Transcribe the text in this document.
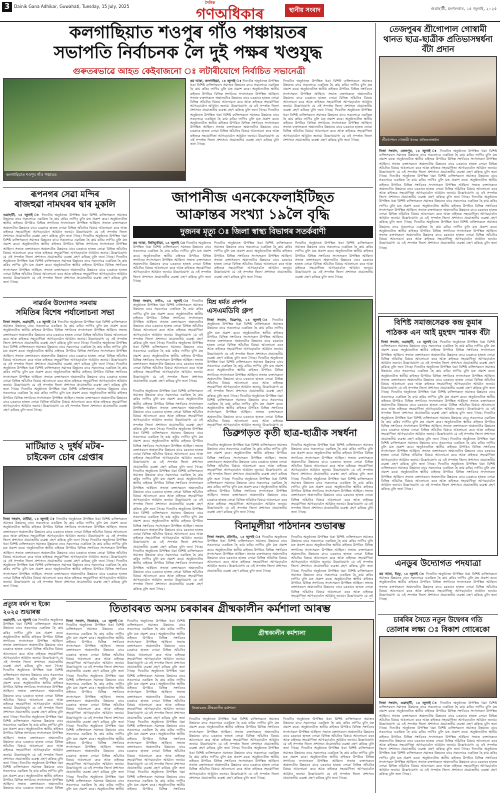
3	Dainik Gana Adhikar, Guwahati, Tuesday, 15 July, 2025
দৈনিক
গণঅধিকাৰ	স্থানীয় সংবাদ	গুৱাহাটী, মংগলবাৰ, ১৫ জুলাই, ২০২৫
কলগাছিয়াত শওপুৰ গাঁও পঞ্চায়তৰ
সভাপতি নিৰ্বাচনক লৈ দুই পক্ষৰ খণ্ডযুদ্ধ
গুৰুতৰভাৱে আহত কেইবাজনো ঃ লটাৰীযোগে নিৰ্বাচিত সভানেত্ৰী
কলগাছিয়াত শওপুৰ গাঁও পঞ্চায়ত
কম আৰা, কলগাছিয়া, ১৪ জুলাই ঃ দিনটোৰ অনুষ্ঠানত উপস্থিত থকা বিশিষ্ট ব্যক্তিসকলে সমাজৰ উন্নয়নৰ বাবে সকলোৱে একত্ৰিত হৈ কাম কৰিব লাগিব বুলি মত প্ৰকাশ কৰে। অনুষ্ঠানটোত স্থানীয় ৰাইজৰ উপৰিও বিভিন্ন সংগঠনৰ সদস্যসকল উপস্থিত আছিল। সভাত বক্তাসকলে অঞ্চলটোৰ উন্নয়নৰ বাবে চৰকাৰে হাতত লোৱা বিভিন্ন আঁচনিৰ বিষয়ে আলোচনা কৰে আৰু ৰাইজক সহযোগিতা আগবঢ়াবলৈ আহ্বান জনায়। উল্লেখযোগ্য যে এই সন্দৰ্ভত জিলা প্ৰশাসনে প্ৰয়োজনীয় ব্যৱস্থা গ্ৰহণ কৰিছে বুলি জনা গৈছে। দিনটোৰ অনুষ্ঠানত উপস্থিত থকা বিশিষ্ট ব্যক্তিসকলে সমাজৰ উন্নয়নৰ বাবে সকলোৱে একত্ৰিত হৈ কাম কৰিব লাগিব বুলি মত প্ৰকাশ কৰে। অনুষ্ঠানটোত স্থানীয় ৰাইজৰ উপৰিও বিভিন্ন সংগঠনৰ সদস্যসকল উপস্থিত আছিল। সভাত বক্তাসকলে অঞ্চলটোৰ উন্নয়নৰ বাবে চৰকাৰে হাতত লোৱা বিভিন্ন আঁচনিৰ বিষয়ে আলোচনা কৰে আৰু ৰাইজক সহযোগিতা আগবঢ়াবলৈ আহ্বান জনায়। উল্লেখযোগ্য যে এই সন্দৰ্ভত জিলা প্ৰশাসনে প্ৰয়োজনীয় ব্যৱস্থা গ্ৰহণ কৰিছে বুলি জনা গৈছে।
দিনটোৰ অনুষ্ঠানত উপস্থিত থকা বিশিষ্ট ব্যক্তিসকলে সমাজৰ উন্নয়নৰ বাবে সকলোৱে একত্ৰিত হৈ কাম কৰিব লাগিব বুলি মত প্ৰকাশ কৰে। অনুষ্ঠানটোত স্থানীয় ৰাইজৰ উপৰিও বিভিন্ন সংগঠনৰ সদস্যসকল উপস্থিত আছিল। সভাত বক্তাসকলে অঞ্চলটোৰ উন্নয়নৰ বাবে চৰকাৰে হাতত লোৱা বিভিন্ন আঁচনিৰ বিষয়ে আলোচনা কৰে আৰু ৰাইজক সহযোগিতা আগবঢ়াবলৈ আহ্বান জনায়। উল্লেখযোগ্য যে এই সন্দৰ্ভত জিলা প্ৰশাসনে প্ৰয়োজনীয় ব্যৱস্থা গ্ৰহণ কৰিছে বুলি জনা গৈছে। দিনটোৰ অনুষ্ঠানত উপস্থিত থকা বিশিষ্ট ব্যক্তিসকলে সমাজৰ উন্নয়নৰ বাবে সকলোৱে একত্ৰিত হৈ কাম কৰিব লাগিব বুলি মত প্ৰকাশ কৰে। অনুষ্ঠানটোত স্থানীয় ৰাইজৰ উপৰিও বিভিন্ন সংগঠনৰ সদস্যসকল উপস্থিত আছিল। সভাত বক্তাসকলে অঞ্চলটোৰ উন্নয়নৰ বাবে চৰকাৰে হাতত লোৱা বিভিন্ন আঁচনিৰ বিষয়ে আলোচনা কৰে আৰু ৰাইজক সহযোগিতা আগবঢ়াবলৈ আহ্বান জনায়। উল্লেখযোগ্য যে এই সন্দৰ্ভত জিলা প্ৰশাসনে প্ৰয়োজনীয় ব্যৱস্থা গ্ৰহণ কৰিছে বুলি জনা গৈছে।
তেজপুৰৰ শ্ৰীগোপাল গোস্বামী থানত ছাত্ৰ-ছাত্ৰীক প্ৰতিভাসম্বৰ্ধনা বঁটা প্ৰদান
শ্ৰীগোপাল গোস্বামী থানত প্ৰতিভাসম্বৰ্ধনা
নিজা সংবাদ, তেজপুৰ, ১৪ জুলাই ঃ দিনটোৰ অনুষ্ঠানত উপস্থিত থকা বিশিষ্ট ব্যক্তিসকলে সমাজৰ উন্নয়নৰ বাবে সকলোৱে একত্ৰিত হৈ কাম কৰিব লাগিব বুলি মত প্ৰকাশ কৰে। অনুষ্ঠানটোত স্থানীয় ৰাইজৰ উপৰিও বিভিন্ন সংগঠনৰ সদস্যসকল উপস্থিত আছিল। সভাত বক্তাসকলে অঞ্চলটোৰ উন্নয়নৰ বাবে চৰকাৰে হাতত লোৱা বিভিন্ন আঁচনিৰ বিষয়ে আলোচনা কৰে আৰু ৰাইজক সহযোগিতা আগবঢ়াবলৈ আহ্বান জনায়। উল্লেখযোগ্য যে এই সন্দৰ্ভত জিলা প্ৰশাসনে প্ৰয়োজনীয় ব্যৱস্থা গ্ৰহণ কৰিছে বুলি জনা গৈছে। দিনটোৰ অনুষ্ঠানত উপস্থিত থকা বিশিষ্ট ব্যক্তিসকলে সমাজৰ উন্নয়নৰ বাবে সকলোৱে একত্ৰিত হৈ কাম কৰিব লাগিব বুলি মত প্ৰকাশ কৰে। অনুষ্ঠানটোত স্থানীয় ৰাইজৰ উপৰিও বিভিন্ন সংগঠনৰ সদস্যসকল উপস্থিত আছিল। সভাত বক্তাসকলে অঞ্চলটোৰ উন্নয়নৰ বাবে চৰকাৰে হাতত লোৱা বিভিন্ন আঁচনিৰ বিষয়ে আলোচনা কৰে আৰু ৰাইজক সহযোগিতা আগবঢ়াবলৈ আহ্বান জনায়। উল্লেখযোগ্য যে এই সন্দৰ্ভত জিলা প্ৰশাসনে প্ৰয়োজনীয় ব্যৱস্থা গ্ৰহণ কৰিছে বুলি জনা গৈছে। দিনটোৰ অনুষ্ঠানত উপস্থিত থকা বিশিষ্ট ব্যক্তিসকলে সমাজৰ উন্নয়নৰ বাবে সকলোৱে একত্ৰিত হৈ কাম কৰিব লাগিব বুলি মত প্ৰকাশ কৰে। অনুষ্ঠানটোত স্থানীয় ৰাইজৰ উপৰিও বিভিন্ন সংগঠনৰ সদস্যসকল উপস্থিত আছিল। সভাত বক্তাসকলে অঞ্চলটোৰ উন্নয়নৰ বাবে চৰকাৰে হাতত লোৱা বিভিন্ন আঁচনিৰ বিষয়ে আলোচনা কৰে আৰু ৰাইজক সহযোগিতা আগবঢ়াবলৈ আহ্বান জনায়। উল্লেখযোগ্য যে এই সন্দৰ্ভত জিলা প্ৰশাসনে প্ৰয়োজনীয় ব্যৱস্থা গ্ৰহণ কৰিছে বুলি জনা গৈছে। দিনটোৰ অনুষ্ঠানত উপস্থিত থকা বিশিষ্ট ব্যক্তিসকলে সমাজৰ উন্নয়নৰ বাবে সকলোৱে একত্ৰিত হৈ কাম কৰিব লাগিব বুলি মত প্ৰকাশ কৰে। অনুষ্ঠানটোত স্থানীয় ৰাইজৰ উপৰিও বিভিন্ন সংগঠনৰ সদস্যসকল উপস্থিত আছিল। সভাত বক্তাসকলে অঞ্চলটোৰ উন্নয়নৰ বাবে চৰকাৰে হাতত লোৱা বিভিন্ন আঁচনিৰ বিষয়ে আলোচনা কৰে আৰু ৰাইজক সহযোগিতা আগবঢ়াবলৈ আহ্বান জনায়। উল্লেখযোগ্য যে এই সন্দৰ্ভত জিলা প্ৰশাসনে প্ৰয়োজনীয় ব্যৱস্থা গ্ৰহণ কৰিছে বুলি জনা গৈছে।
ৰূপনগৰ সেৱা মন্দিৰ
ৰাজহুৱা নামঘৰৰ দ্বাৰ মুকলি
গুৱাহাটী, ১৪ জুলাই ঃ দিনটোৰ অনুষ্ঠানত উপস্থিত থকা বিশিষ্ট ব্যক্তিসকলে সমাজৰ উন্নয়নৰ বাবে সকলোৱে একত্ৰিত হৈ কাম কৰিব লাগিব বুলি মত প্ৰকাশ কৰে। অনুষ্ঠানটোত স্থানীয় ৰাইজৰ উপৰিও বিভিন্ন সংগঠনৰ সদস্যসকল উপস্থিত আছিল। সভাত বক্তাসকলে অঞ্চলটোৰ উন্নয়নৰ বাবে চৰকাৰে হাতত লোৱা বিভিন্ন আঁচনিৰ বিষয়ে আলোচনা কৰে আৰু ৰাইজক সহযোগিতা আগবঢ়াবলৈ আহ্বান জনায়। উল্লেখযোগ্য যে এই সন্দৰ্ভত জিলা প্ৰশাসনে প্ৰয়োজনীয় ব্যৱস্থা গ্ৰহণ কৰিছে বুলি জনা গৈছে। দিনটোৰ অনুষ্ঠানত উপস্থিত থকা বিশিষ্ট ব্যক্তিসকলে সমাজৰ উন্নয়নৰ বাবে সকলোৱে একত্ৰিত হৈ কাম কৰিব লাগিব বুলি মত প্ৰকাশ কৰে। অনুষ্ঠানটোত স্থানীয় ৰাইজৰ উপৰিও বিভিন্ন সংগঠনৰ সদস্যসকল উপস্থিত আছিল। সভাত বক্তাসকলে অঞ্চলটোৰ উন্নয়নৰ বাবে চৰকাৰে হাতত লোৱা বিভিন্ন আঁচনিৰ বিষয়ে আলোচনা কৰে আৰু ৰাইজক সহযোগিতা আগবঢ়াবলৈ আহ্বান জনায়। উল্লেখযোগ্য যে এই সন্দৰ্ভত জিলা প্ৰশাসনে প্ৰয়োজনীয় ব্যৱস্থা গ্ৰহণ কৰিছে বুলি জনা গৈছে। দিনটোৰ অনুষ্ঠানত উপস্থিত থকা বিশিষ্ট ব্যক্তিসকলে সমাজৰ উন্নয়নৰ বাবে সকলোৱে একত্ৰিত হৈ কাম কৰিব লাগিব বুলি মত প্ৰকাশ কৰে। অনুষ্ঠানটোত স্থানীয় ৰাইজৰ উপৰিও বিভিন্ন সংগঠনৰ সদস্যসকল উপস্থিত আছিল। সভাত বক্তাসকলে অঞ্চলটোৰ উন্নয়নৰ বাবে চৰকাৰে হাতত লোৱা বিভিন্ন আঁচনিৰ বিষয়ে আলোচনা কৰে আৰু ৰাইজক সহযোগিতা আগবঢ়াবলৈ আহ্বান জনায়। উল্লেখযোগ্য যে এই সন্দৰ্ভত জিলা প্ৰশাসনে প্ৰয়োজনীয় ব্যৱস্থা গ্ৰহণ কৰিছে বুলি জনা গৈছে।
নাৱৰ্ডৰ উদ্যোগত সমবায়
সমিতিৰ বিশেষ পৰ্যালোচনা সভা
নিজা সংবাদ, গুৱাহাটী, ১৪ জুলাই ঃ দিনটোৰ অনুষ্ঠানত উপস্থিত থকা বিশিষ্ট ব্যক্তিসকলে সমাজৰ উন্নয়নৰ বাবে সকলোৱে একত্ৰিত হৈ কাম কৰিব লাগিব বুলি মত প্ৰকাশ কৰে। অনুষ্ঠানটোত স্থানীয় ৰাইজৰ উপৰিও বিভিন্ন সংগঠনৰ সদস্যসকল উপস্থিত আছিল। সভাত বক্তাসকলে অঞ্চলটোৰ উন্নয়নৰ বাবে চৰকাৰে হাতত লোৱা বিভিন্ন আঁচনিৰ বিষয়ে আলোচনা কৰে আৰু ৰাইজক সহযোগিতা আগবঢ়াবলৈ আহ্বান জনায়। উল্লেখযোগ্য যে এই সন্দৰ্ভত জিলা প্ৰশাসনে প্ৰয়োজনীয় ব্যৱস্থা গ্ৰহণ কৰিছে বুলি জনা গৈছে। দিনটোৰ অনুষ্ঠানত উপস্থিত থকা বিশিষ্ট ব্যক্তিসকলে সমাজৰ উন্নয়নৰ বাবে সকলোৱে একত্ৰিত হৈ কাম কৰিব লাগিব বুলি মত প্ৰকাশ কৰে। অনুষ্ঠানটোত স্থানীয় ৰাইজৰ উপৰিও বিভিন্ন সংগঠনৰ সদস্যসকল উপস্থিত আছিল। সভাত বক্তাসকলে অঞ্চলটোৰ উন্নয়নৰ বাবে চৰকাৰে হাতত লোৱা বিভিন্ন আঁচনিৰ বিষয়ে আলোচনা কৰে আৰু ৰাইজক সহযোগিতা আগবঢ়াবলৈ আহ্বান জনায়। উল্লেখযোগ্য যে এই সন্দৰ্ভত জিলা প্ৰশাসনে প্ৰয়োজনীয় ব্যৱস্থা গ্ৰহণ কৰিছে বুলি জনা গৈছে। দিনটোৰ অনুষ্ঠানত উপস্থিত থকা বিশিষ্ট ব্যক্তিসকলে সমাজৰ উন্নয়নৰ বাবে সকলোৱে একত্ৰিত হৈ কাম কৰিব লাগিব বুলি মত প্ৰকাশ কৰে। অনুষ্ঠানটোত স্থানীয় ৰাইজৰ উপৰিও বিভিন্ন সংগঠনৰ সদস্যসকল উপস্থিত আছিল। সভাত বক্তাসকলে অঞ্চলটোৰ উন্নয়নৰ বাবে চৰকাৰে হাতত লোৱা বিভিন্ন আঁচনিৰ বিষয়ে আলোচনা কৰে আৰু ৰাইজক সহযোগিতা আগবঢ়াবলৈ আহ্বান জনায়। উল্লেখযোগ্য যে এই সন্দৰ্ভত জিলা প্ৰশাসনে প্ৰয়োজনীয় ব্যৱস্থা গ্ৰহণ কৰিছে বুলি জনা গৈছে। দিনটোৰ অনুষ্ঠানত উপস্থিত থকা বিশিষ্ট ব্যক্তিসকলে সমাজৰ উন্নয়নৰ বাবে সকলোৱে একত্ৰিত হৈ কাম কৰিব লাগিব বুলি মত প্ৰকাশ কৰে। অনুষ্ঠানটোত স্থানীয় ৰাইজৰ উপৰিও বিভিন্ন সংগঠনৰ সদস্যসকল উপস্থিত আছিল। সভাত বক্তাসকলে অঞ্চলটোৰ উন্নয়নৰ বাবে চৰকাৰে হাতত লোৱা বিভিন্ন আঁচনিৰ বিষয়ে আলোচনা কৰে আৰু ৰাইজক সহযোগিতা আগবঢ়াবলৈ আহ্বান জনায়। উল্লেখযোগ্য যে এই সন্দৰ্ভত জিলা প্ৰশাসনে প্ৰয়োজনীয় ব্যৱস্থা গ্ৰহণ কৰিছে বুলি জনা গৈছে।
মাটিয়াত ২ দুৰ্ধৰ্ষ মটৰ-
চাইকেল চোৰ গ্ৰেপ্তাৰ
নিজা সংবাদ, মাটিয়া, ১৪ জুলাই ঃ দিনটোৰ অনুষ্ঠানত উপস্থিত থকা বিশিষ্ট ব্যক্তিসকলে সমাজৰ উন্নয়নৰ বাবে সকলোৱে একত্ৰিত হৈ কাম কৰিব লাগিব বুলি মত প্ৰকাশ কৰে। অনুষ্ঠানটোত স্থানীয় ৰাইজৰ উপৰিও বিভিন্ন সংগঠনৰ সদস্যসকল উপস্থিত আছিল। সভাত বক্তাসকলে অঞ্চলটোৰ উন্নয়নৰ বাবে চৰকাৰে হাতত লোৱা বিভিন্ন আঁচনিৰ বিষয়ে আলোচনা কৰে আৰু ৰাইজক সহযোগিতা আগবঢ়াবলৈ আহ্বান জনায়। উল্লেখযোগ্য যে এই সন্দৰ্ভত জিলা প্ৰশাসনে প্ৰয়োজনীয় ব্যৱস্থা গ্ৰহণ কৰিছে বুলি জনা গৈছে। দিনটোৰ অনুষ্ঠানত উপস্থিত থকা বিশিষ্ট ব্যক্তিসকলে সমাজৰ উন্নয়নৰ বাবে সকলোৱে একত্ৰিত হৈ কাম কৰিব লাগিব বুলি মত প্ৰকাশ কৰে। অনুষ্ঠানটোত স্থানীয় ৰাইজৰ উপৰিও বিভিন্ন সংগঠনৰ সদস্যসকল উপস্থিত আছিল। সভাত বক্তাসকলে অঞ্চলটোৰ উন্নয়নৰ বাবে চৰকাৰে হাতত লোৱা বিভিন্ন আঁচনিৰ বিষয়ে আলোচনা কৰে আৰু ৰাইজক সহযোগিতা আগবঢ়াবলৈ আহ্বান জনায়। উল্লেখযোগ্য যে এই সন্দৰ্ভত জিলা প্ৰশাসনে প্ৰয়োজনীয় ব্যৱস্থা গ্ৰহণ কৰিছে বুলি জনা গৈছে। দিনটোৰ অনুষ্ঠানত উপস্থিত থকা বিশিষ্ট ব্যক্তিসকলে সমাজৰ উন্নয়নৰ বাবে সকলোৱে একত্ৰিত হৈ কাম কৰিব লাগিব বুলি মত প্ৰকাশ কৰে। অনুষ্ঠানটোত স্থানীয় ৰাইজৰ উপৰিও বিভিন্ন সংগঠনৰ সদস্যসকল উপস্থিত আছিল। সভাত বক্তাসকলে অঞ্চলটোৰ উন্নয়নৰ বাবে চৰকাৰে হাতত লোৱা বিভিন্ন আঁচনিৰ বিষয়ে আলোচনা কৰে আৰু ৰাইজক সহযোগিতা আগবঢ়াবলৈ আহ্বান জনায়। উল্লেখযোগ্য যে এই সন্দৰ্ভত জিলা প্ৰশাসনে প্ৰয়োজনীয় ব্যৱস্থা গ্ৰহণ কৰিছে বুলি জনা গৈছে।
প্ৰত্যুষ বৰ্ধন দ্য ইকো
২০২৫ শুভাৰম্ভ
গুৱাহাটী, ১৪ জুলাই ঃ দিনটোৰ অনুষ্ঠানত উপস্থিত থকা বিশিষ্ট ব্যক্তিসকলে সমাজৰ উন্নয়নৰ বাবে সকলোৱে একত্ৰিত হৈ কাম কৰিব লাগিব বুলি মত প্ৰকাশ কৰে। অনুষ্ঠানটোত স্থানীয় ৰাইজৰ উপৰিও বিভিন্ন সংগঠনৰ সদস্যসকল উপস্থিত আছিল। সভাত বক্তাসকলে অঞ্চলটোৰ উন্নয়নৰ বাবে চৰকাৰে হাতত লোৱা বিভিন্ন আঁচনিৰ বিষয়ে আলোচনা কৰে আৰু ৰাইজক সহযোগিতা আগবঢ়াবলৈ আহ্বান জনায়। উল্লেখযোগ্য যে এই সন্দৰ্ভত জিলা প্ৰশাসনে প্ৰয়োজনীয় ব্যৱস্থা গ্ৰহণ কৰিছে বুলি জনা গৈছে। দিনটোৰ অনুষ্ঠানত উপস্থিত থকা বিশিষ্ট ব্যক্তিসকলে সমাজৰ উন্নয়নৰ বাবে সকলোৱে একত্ৰিত হৈ কাম কৰিব লাগিব বুলি মত প্ৰকাশ কৰে। অনুষ্ঠানটোত স্থানীয় ৰাইজৰ উপৰিও বিভিন্ন সংগঠনৰ সদস্যসকল উপস্থিত আছিল। সভাত বক্তাসকলে অঞ্চলটোৰ উন্নয়নৰ বাবে চৰকাৰে হাতত লোৱা বিভিন্ন আঁচনিৰ বিষয়ে আলোচনা কৰে আৰু ৰাইজক সহযোগিতা আগবঢ়াবলৈ আহ্বান জনায়। উল্লেখযোগ্য যে এই সন্দৰ্ভত জিলা প্ৰশাসনে প্ৰয়োজনীয় ব্যৱস্থা গ্ৰহণ কৰিছে বুলি জনা গৈছে। দিনটোৰ অনুষ্ঠানত উপস্থিত থকা বিশিষ্ট ব্যক্তিসকলে সমাজৰ উন্নয়নৰ বাবে সকলোৱে একত্ৰিত হৈ কাম কৰিব লাগিব বুলি মত প্ৰকাশ কৰে। অনুষ্ঠানটোত স্থানীয় ৰাইজৰ উপৰিও বিভিন্ন সংগঠনৰ সদস্যসকল উপস্থিত আছিল। সভাত বক্তাসকলে অঞ্চলটোৰ উন্নয়নৰ বাবে চৰকাৰে হাতত লোৱা বিভিন্ন আঁচনিৰ বিষয়ে আলোচনা কৰে আৰু ৰাইজক সহযোগিতা আগবঢ়াবলৈ আহ্বান জনায়। উল্লেখযোগ্য যে এই সন্দৰ্ভত জিলা প্ৰশাসনে প্ৰয়োজনীয় ব্যৱস্থা গ্ৰহণ কৰিছে বুলি জনা গৈছে। দিনটোৰ অনুষ্ঠানত উপস্থিত থকা বিশিষ্ট ব্যক্তিসকলে সমাজৰ উন্নয়নৰ বাবে সকলোৱে একত্ৰিত হৈ কাম কৰিব লাগিব বুলি মত প্ৰকাশ কৰে। অনুষ্ঠানটোত স্থানীয় ৰাইজৰ উপৰিও বিভিন্ন সংগঠনৰ সদস্যসকল উপস্থিত আছিল। সভাত বক্তাসকলে অঞ্চলটোৰ উন্নয়নৰ বাবে চৰকাৰে হাতত লোৱা বিভিন্ন
জাপানীজ এনকেফেলাইটিছত
আক্ৰান্তৰ সংখ্যা ১৯লৈ বৃদ্ধি
দুজনৰ মৃত্যু ঃ জিলা স্বাস্থ্য বিভাগৰ সতৰ্কবাণী
কম আৰা, তিনিচুকীয়া, ১৪ জুলাই ঃ দিনটোৰ অনুষ্ঠানত উপস্থিত থকা বিশিষ্ট ব্যক্তিসকলে সমাজৰ উন্নয়নৰ বাবে সকলোৱে একত্ৰিত হৈ কাম কৰিব লাগিব বুলি মত প্ৰকাশ কৰে। অনুষ্ঠানটোত স্থানীয় ৰাইজৰ উপৰিও বিভিন্ন সংগঠনৰ সদস্যসকল উপস্থিত আছিল। সভাত বক্তাসকলে অঞ্চলটোৰ উন্নয়নৰ বাবে চৰকাৰে হাতত লোৱা বিভিন্ন আঁচনিৰ বিষয়ে আলোচনা কৰে আৰু ৰাইজক সহযোগিতা আগবঢ়াবলৈ আহ্বান জনায়। উল্লেখযোগ্য যে এই সন্দৰ্ভত জিলা প্ৰশাসনে প্ৰয়োজনীয় ব্যৱস্থা গ্ৰহণ কৰিছে বুলি জনা গৈছে।
দিনটোৰ অনুষ্ঠানত উপস্থিত থকা বিশিষ্ট ব্যক্তিসকলে সমাজৰ উন্নয়নৰ বাবে সকলোৱে একত্ৰিত হৈ কাম কৰিব লাগিব বুলি মত প্ৰকাশ কৰে। অনুষ্ঠানটোত স্থানীয় ৰাইজৰ উপৰিও বিভিন্ন সংগঠনৰ সদস্যসকল উপস্থিত আছিল। সভাত বক্তাসকলে অঞ্চলটোৰ উন্নয়নৰ বাবে চৰকাৰে হাতত লোৱা বিভিন্ন আঁচনিৰ বিষয়ে আলোচনা কৰে আৰু ৰাইজক সহযোগিতা আগবঢ়াবলৈ আহ্বান জনায়। উল্লেখযোগ্য যে এই সন্দৰ্ভত জিলা প্ৰশাসনে প্ৰয়োজনীয় ব্যৱস্থা গ্ৰহণ কৰিছে বুলি জনা গৈছে।
দিনটোৰ অনুষ্ঠানত উপস্থিত থকা বিশিষ্ট ব্যক্তিসকলে সমাজৰ উন্নয়নৰ বাবে সকলোৱে একত্ৰিত হৈ কাম কৰিব লাগিব বুলি মত প্ৰকাশ কৰে। অনুষ্ঠানটোত স্থানীয় ৰাইজৰ উপৰিও বিভিন্ন সংগঠনৰ সদস্যসকল উপস্থিত আছিল। সভাত বক্তাসকলে অঞ্চলটোৰ উন্নয়নৰ বাবে চৰকাৰে হাতত লোৱা বিভিন্ন আঁচনিৰ বিষয়ে আলোচনা কৰে আৰু ৰাইজক সহযোগিতা আগবঢ়াবলৈ আহ্বান জনায়। উল্লেখযোগ্য যে এই সন্দৰ্ভত জিলা প্ৰশাসনে প্ৰয়োজনীয় ব্যৱস্থা গ্ৰহণ কৰিছে বুলি জনা গৈছে।
নিজা সংবাদ, নগাঁও, ১৪ জুলাই ঃ দিনটোৰ অনুষ্ঠানত উপস্থিত থকা বিশিষ্ট ব্যক্তিসকলে সমাজৰ উন্নয়নৰ বাবে সকলোৱে একত্ৰিত হৈ কাম কৰিব লাগিব বুলি মত প্ৰকাশ কৰে। অনুষ্ঠানটোত স্থানীয় ৰাইজৰ উপৰিও বিভিন্ন সংগঠনৰ সদস্যসকল উপস্থিত আছিল। সভাত বক্তাসকলে অঞ্চলটোৰ উন্নয়নৰ বাবে চৰকাৰে হাতত লোৱা বিভিন্ন আঁচনিৰ বিষয়ে আলোচনা কৰে আৰু ৰাইজক সহযোগিতা আগবঢ়াবলৈ আহ্বান জনায়। উল্লেখযোগ্য যে এই সন্দৰ্ভত জিলা প্ৰশাসনে প্ৰয়োজনীয় ব্যৱস্থা গ্ৰহণ কৰিছে বুলি জনা গৈছে। দিনটোৰ অনুষ্ঠানত উপস্থিত থকা বিশিষ্ট ব্যক্তিসকলে সমাজৰ উন্নয়নৰ বাবে সকলোৱে একত্ৰিত হৈ কাম কৰিব লাগিব বুলি মত প্ৰকাশ কৰে। অনুষ্ঠানটোত স্থানীয় ৰাইজৰ উপৰিও বিভিন্ন সংগঠনৰ সদস্যসকল উপস্থিত আছিল। সভাত বক্তাসকলে অঞ্চলটোৰ উন্নয়নৰ বাবে চৰকাৰে হাতত লোৱা বিভিন্ন আঁচনিৰ বিষয়ে আলোচনা কৰে আৰু ৰাইজক সহযোগিতা আগবঢ়াবলৈ আহ্বান জনায়। উল্লেখযোগ্য যে এই সন্দৰ্ভত জিলা প্ৰশাসনে প্ৰয়োজনীয় ব্যৱস্থা গ্ৰহণ কৰিছে বুলি জনা গৈছে।
মিশ্ৰ ধৰ্মত প্ৰদৰ্শন
এসএমডিবি গ্ৰুপ
নিজা সংবাদ, ডিব্ৰুগড়, ১৪ জুলাই ঃ দিনটোৰ অনুষ্ঠানত উপস্থিত থকা বিশিষ্ট ব্যক্তিসকলে সমাজৰ উন্নয়নৰ বাবে সকলোৱে একত্ৰিত হৈ কাম কৰিব লাগিব বুলি মত প্ৰকাশ কৰে। অনুষ্ঠানটোত স্থানীয় ৰাইজৰ উপৰিও বিভিন্ন সংগঠনৰ সদস্যসকল উপস্থিত আছিল। সভাত বক্তাসকলে অঞ্চলটোৰ উন্নয়নৰ বাবে চৰকাৰে হাতত লোৱা বিভিন্ন আঁচনিৰ বিষয়ে আলোচনা কৰে আৰু ৰাইজক সহযোগিতা আগবঢ়াবলৈ আহ্বান জনায়। উল্লেখযোগ্য যে এই সন্দৰ্ভত জিলা প্ৰশাসনে প্ৰয়োজনীয় ব্যৱস্থা গ্ৰহণ কৰিছে বুলি জনা গৈছে। দিনটোৰ অনুষ্ঠানত উপস্থিত থকা বিশিষ্ট ব্যক্তিসকলে সমাজৰ উন্নয়নৰ বাবে সকলোৱে একত্ৰিত হৈ কাম কৰিব লাগিব বুলি মত প্ৰকাশ কৰে। অনুষ্ঠানটোত স্থানীয় ৰাইজৰ উপৰিও বিভিন্ন সংগঠনৰ সদস্যসকল উপস্থিত আছিল। সভাত বক্তাসকলে অঞ্চলটোৰ উন্নয়নৰ বাবে চৰকাৰে হাতত লোৱা বিভিন্ন আঁচনিৰ বিষয়ে আলোচনা কৰে আৰু ৰাইজক সহযোগিতা আগবঢ়াবলৈ আহ্বান জনায়। উল্লেখযোগ্য যে এই সন্দৰ্ভত জিলা প্ৰশাসনে প্ৰয়োজনীয় ব্যৱস্থা গ্ৰহণ কৰিছে বুলি জনা গৈছে। দিনটোৰ অনুষ্ঠানত উপস্থিত থকা বিশিষ্ট ব্যক্তিসকলে সমাজৰ উন্নয়নৰ বাবে সকলোৱে একত্ৰিত হৈ কাম কৰিব লাগিব বুলি মত প্ৰকাশ কৰে। অনুষ্ঠানটোত স্থানীয় ৰাইজৰ উপৰিও বিভিন্ন সংগঠনৰ সদস্যসকল উপস্থিত আছিল। সভাত বক্তাসকলে অঞ্চলটোৰ উন্নয়নৰ বাবে চৰকাৰে হাতত লোৱা বিভিন্ন আঁচনিৰ বিষয়ে আলোচনা কৰে আৰু ৰাইজক সহযোগিতা আগবঢ়াবলৈ আহ্বান জনায়। উল্লেখযোগ্য যে
ডিব্ৰুগড়ত কৃতী ছাত্ৰ-ছাত্ৰীক সম্বৰ্ধনা
দিনটোৰ অনুষ্ঠানত উপস্থিত থকা বিশিষ্ট ব্যক্তিসকলে সমাজৰ উন্নয়নৰ বাবে সকলোৱে একত্ৰিত হৈ কাম কৰিব লাগিব বুলি মত প্ৰকাশ কৰে। অনুষ্ঠানটোত স্থানীয় ৰাইজৰ উপৰিও বিভিন্ন সংগঠনৰ সদস্যসকল উপস্থিত আছিল। সভাত বক্তাসকলে অঞ্চলটোৰ উন্নয়নৰ বাবে চৰকাৰে হাতত লোৱা বিভিন্ন আঁচনিৰ বিষয়ে আলোচনা কৰে আৰু ৰাইজক সহযোগিতা আগবঢ়াবলৈ আহ্বান জনায়। উল্লেখযোগ্য যে এই সন্দৰ্ভত জিলা প্ৰশাসনে প্ৰয়োজনীয় ব্যৱস্থা গ্ৰহণ কৰিছে বুলি জনা গৈছে। দিনটোৰ অনুষ্ঠানত উপস্থিত থকা বিশিষ্ট ব্যক্তিসকলে সমাজৰ উন্নয়নৰ বাবে সকলোৱে একত্ৰিত হৈ কাম কৰিব লাগিব বুলি মত প্ৰকাশ কৰে। অনুষ্ঠানটোত স্থানীয় ৰাইজৰ উপৰিও বিভিন্ন সংগঠনৰ সদস্যসকল উপস্থিত আছিল। সভাত বক্তাসকলে অঞ্চলটোৰ উন্নয়নৰ বাবে চৰকাৰে হাতত লোৱা বিভিন্ন আঁচনিৰ বিষয়ে আলোচনা কৰে আৰু ৰাইজক সহযোগিতা আগবঢ়াবলৈ আহ্বান জনায়। উল্লেখযোগ্য যে এই সন্দৰ্ভত জিলা প্ৰশাসনে প্ৰয়োজনীয় ব্যৱস্থা গ্ৰহণ কৰিছে বুলি জনা গৈছে। দিনটোৰ অনুষ্ঠানত উপস্থিত থকা বিশিষ্ট ব্যক্তিসকলে সমাজৰ উন্নয়নৰ বাবে সকলোৱে একত্ৰিত হৈ কাম কৰিব লাগিব বুলি মত প্ৰকাশ কৰে। অনুষ্ঠানটোত স্থানীয় ৰাইজৰ উপৰিও বিভিন্ন সংগঠনৰ সদস্যসকল উপস্থিত আছিল। সভাত বক্তাসকলে অঞ্চলটোৰ উন্নয়নৰ বাবে চৰকাৰে হাতত লোৱা বিভিন্ন আঁচনিৰ বিষয়ে আলোচনা কৰে আৰু ৰাইজক সহযোগিতা আগবঢ়াবলৈ আহ্বান জনায়। উল্লেখযোগ্য যে এই সন্দৰ্ভত জিলা প্ৰশাসনে প্ৰয়োজনীয় ব্যৱস্থা গ্ৰহণ কৰিছে বুলি জনা গৈছে। দিনটোৰ অনুষ্ঠানত উপস্থিত থকা বিশিষ্ট ব্যক্তিসকলে সমাজৰ উন্নয়নৰ বাবে সকলোৱে একত্ৰিত হৈ কাম কৰিব লাগিব বুলি মত প্ৰকাশ কৰে। অনুষ্ঠানটোত স্থানীয় ৰাইজৰ উপৰিও বিভিন্ন সংগঠনৰ সদস্যসকল উপস্থিত আছিল। সভাত বক্তাসকলে অঞ্চলটোৰ উন্নয়নৰ বাবে চৰকাৰে হাতত লোৱা বিভিন্ন আঁচনিৰ বিষয়ে আলোচনা কৰে আৰু ৰাইজক সহযোগিতা আগবঢ়াবলৈ আহ্বান জনায়। উল্লেখযোগ্য যে এই সন্দৰ্ভত জিলা প্ৰশাসনে প্ৰয়োজনীয় ব্যৱস্থা গ্ৰহণ কৰিছে বুলি জনা গৈছে। দিনটোৰ অনুষ্ঠানত উপস্থিত থকা বিশিষ্ট ব্যক্তিসকলে সমাজৰ উন্নয়নৰ বাবে সকলোৱে একত্ৰিত হৈ কাম কৰিব লাগিব বুলি মত প্ৰকাশ কৰে। অনুষ্ঠানটোত স্থানীয় ৰাইজৰ উপৰিও বিভিন্ন সংগঠনৰ সদস্যসকল উপস্থিত আছিল। সভাত বক্তাসকলে অঞ্চলটোৰ উন্নয়নৰ বাবে চৰকাৰে হাতত লোৱা বিভিন্ন আঁচনিৰ বিষয়ে আলোচনা কৰে আৰু ৰাইজক সহযোগিতা আগবঢ়াবলৈ আহ্বান জনায়। উল্লেখযোগ্য যে এই সন্দৰ্ভত জিলা প্ৰশাসনে প্ৰয়োজনীয় ব্যৱস্থা গ্ৰহণ কৰিছে বুলি জনা গৈছে।
দিনটোৰ অনুষ্ঠানত উপস্থিত থকা বিশিষ্ট ব্যক্তিসকলে সমাজৰ উন্নয়নৰ বাবে সকলোৱে একত্ৰিত হৈ কাম কৰিব লাগিব বুলি মত প্ৰকাশ কৰে। অনুষ্ঠানটোত স্থানীয় ৰাইজৰ উপৰিও বিভিন্ন সংগঠনৰ সদস্যসকল উপস্থিত আছিল। সভাত বক্তাসকলে অঞ্চলটোৰ উন্নয়নৰ বাবে চৰকাৰে হাতত লোৱা বিভিন্ন আঁচনিৰ বিষয়ে আলোচনা কৰে আৰু ৰাইজক সহযোগিতা আগবঢ়াবলৈ আহ্বান জনায়। উল্লেখযোগ্য যে এই সন্দৰ্ভত জিলা প্ৰশাসনে প্ৰয়োজনীয় ব্যৱস্থা গ্ৰহণ কৰিছে বুলি জনা গৈছে। দিনটোৰ অনুষ্ঠানত উপস্থিত থকা বিশিষ্ট ব্যক্তিসকলে সমাজৰ উন্নয়নৰ বাবে সকলোৱে একত্ৰিত হৈ কাম কৰিব লাগিব বুলি মত প্ৰকাশ কৰে। অনুষ্ঠানটোত স্থানীয় ৰাইজৰ উপৰিও বিভিন্ন সংগঠনৰ সদস্যসকল উপস্থিত আছিল। সভাত বক্তাসকলে অঞ্চলটোৰ উন্নয়নৰ বাবে চৰকাৰে হাতত লোৱা বিভিন্ন আঁচনিৰ বিষয়ে আলোচনা কৰে আৰু ৰাইজক সহযোগিতা আগবঢ়াবলৈ আহ্বান জনায়। উল্লেখযোগ্য যে এই সন্দৰ্ভত জিলা প্ৰশাসনে প্ৰয়োজনীয় ব্যৱস্থা গ্ৰহণ কৰিছে বুলি জনা গৈছে।
দিনটোৰ অনুষ্ঠানত উপস্থিত থকা বিশিষ্ট ব্যক্তিসকলে সমাজৰ উন্নয়নৰ বাবে সকলোৱে একত্ৰিত হৈ কাম কৰিব লাগিব বুলি মত প্ৰকাশ কৰে। অনুষ্ঠানটোত স্থানীয় ৰাইজৰ উপৰিও বিভিন্ন সংগঠনৰ সদস্যসকল উপস্থিত আছিল। সভাত বক্তাসকলে অঞ্চলটোৰ উন্নয়নৰ বাবে চৰকাৰে হাতত লোৱা বিভিন্ন আঁচনিৰ বিষয়ে আলোচনা কৰে আৰু ৰাইজক সহযোগিতা আগবঢ়াবলৈ আহ্বান জনায়। উল্লেখযোগ্য যে এই সন্দৰ্ভত জিলা প্ৰশাসনে প্ৰয়োজনীয় ব্যৱস্থা গ্ৰহণ কৰিছে বুলি জনা গৈছে। দিনটোৰ অনুষ্ঠানত উপস্থিত থকা বিশিষ্ট ব্যক্তিসকলে সমাজৰ উন্নয়নৰ বাবে সকলোৱে একত্ৰিত হৈ কাম কৰিব লাগিব বুলি মত প্ৰকাশ কৰে। অনুষ্ঠানটোত স্থানীয় ৰাইজৰ উপৰিও বিভিন্ন সংগঠনৰ সদস্যসকল উপস্থিত আছিল। সভাত বক্তাসকলে অঞ্চলটোৰ উন্নয়নৰ বাবে চৰকাৰে হাতত লোৱা বিভিন্ন আঁচনিৰ বিষয়ে আলোচনা কৰে আৰু ৰাইজক সহযোগিতা আগবঢ়াবলৈ আহ্বান জনায়। উল্লেখযোগ্য যে এই সন্দৰ্ভত জিলা প্ৰশাসনে প্ৰয়োজনীয় ব্যৱস্থা গ্ৰহণ কৰিছে বুলি জনা গৈছে।
বিনামূলীয়া পাঠদানৰ শুভাৰম্ভ
নিজা সংবাদ, মৰিগাঁও, ১৪ জুলাই ঃ দিনটোৰ অনুষ্ঠানত উপস্থিত থকা বিশিষ্ট ব্যক্তিসকলে সমাজৰ উন্নয়নৰ বাবে সকলোৱে একত্ৰিত হৈ কাম কৰিব লাগিব বুলি মত প্ৰকাশ কৰে। অনুষ্ঠানটোত স্থানীয় ৰাইজৰ উপৰিও বিভিন্ন সংগঠনৰ সদস্যসকল উপস্থিত আছিল। সভাত বক্তাসকলে অঞ্চলটোৰ উন্নয়নৰ বাবে চৰকাৰে হাতত লোৱা বিভিন্ন আঁচনিৰ বিষয়ে আলোচনা কৰে আৰু ৰাইজক সহযোগিতা আগবঢ়াবলৈ আহ্বান জনায়। উল্লেখযোগ্য যে এই সন্দৰ্ভত জিলা প্ৰশাসনে প্ৰয়োজনীয় ব্যৱস্থা গ্ৰহণ কৰিছে বুলি জনা গৈছে।
দিনটোৰ অনুষ্ঠানত উপস্থিত থকা বিশিষ্ট ব্যক্তিসকলে সমাজৰ উন্নয়নৰ বাবে সকলোৱে একত্ৰিত হৈ কাম কৰিব লাগিব বুলি মত প্ৰকাশ কৰে। অনুষ্ঠানটোত স্থানীয় ৰাইজৰ উপৰিও বিভিন্ন সংগঠনৰ সদস্যসকল উপস্থিত আছিল। সভাত বক্তাসকলে অঞ্চলটোৰ উন্নয়নৰ বাবে চৰকাৰে হাতত লোৱা বিভিন্ন আঁচনিৰ বিষয়ে আলোচনা কৰে আৰু ৰাইজক সহযোগিতা আগবঢ়াবলৈ আহ্বান জনায়। উল্লেখযোগ্য যে এই সন্দৰ্ভত জিলা প্ৰশাসনে প্ৰয়োজনীয় ব্যৱস্থা গ্ৰহণ কৰিছে বুলি জনা গৈছে। দিনটোৰ অনুষ্ঠানত উপস্থিত থকা বিশিষ্ট ব্যক্তিসকলে সমাজৰ উন্নয়নৰ বাবে সকলোৱে একত্ৰিত হৈ কাম কৰিব লাগিব বুলি মত প্ৰকাশ কৰে। অনুষ্ঠানটোত স্থানীয় ৰাইজৰ উপৰিও বিভিন্ন সংগঠনৰ সদস্যসকল উপস্থিত আছিল। সভাত বক্তাসকলে অঞ্চলটোৰ উন্নয়নৰ বাবে চৰকাৰে হাতত লোৱা বিভিন্ন আঁচনিৰ বিষয়ে আলোচনা কৰে আৰু ৰাইজক সহযোগিতা আগবঢ়াবলৈ আহ্বান জনায়। উল্লেখযোগ্য যে এই
বিশিষ্ট সমাজসেৱক কন্দ্ৰ কুমাৰ
পাঠকক এন আই মুহম্মদ স্মাৰক বঁটা
নিজা সংবাদ, গুৱাহাটী, ১৪ জুলাই ঃ দিনটোৰ অনুষ্ঠানত উপস্থিত থকা বিশিষ্ট ব্যক্তিসকলে সমাজৰ উন্নয়নৰ বাবে সকলোৱে একত্ৰিত হৈ কাম কৰিব লাগিব বুলি মত প্ৰকাশ কৰে। অনুষ্ঠানটোত স্থানীয় ৰাইজৰ উপৰিও বিভিন্ন সংগঠনৰ সদস্যসকল উপস্থিত আছিল। সভাত বক্তাসকলে অঞ্চলটোৰ উন্নয়নৰ বাবে চৰকাৰে হাতত লোৱা বিভিন্ন আঁচনিৰ বিষয়ে আলোচনা কৰে আৰু ৰাইজক সহযোগিতা আগবঢ়াবলৈ আহ্বান জনায়। উল্লেখযোগ্য যে এই সন্দৰ্ভত জিলা প্ৰশাসনে প্ৰয়োজনীয় ব্যৱস্থা গ্ৰহণ কৰিছে বুলি জনা গৈছে। দিনটোৰ অনুষ্ঠানত উপস্থিত থকা বিশিষ্ট ব্যক্তিসকলে সমাজৰ উন্নয়নৰ বাবে সকলোৱে একত্ৰিত হৈ কাম কৰিব লাগিব বুলি মত প্ৰকাশ কৰে। অনুষ্ঠানটোত স্থানীয় ৰাইজৰ উপৰিও বিভিন্ন সংগঠনৰ সদস্যসকল উপস্থিত আছিল। সভাত বক্তাসকলে অঞ্চলটোৰ উন্নয়নৰ বাবে চৰকাৰে হাতত লোৱা বিভিন্ন আঁচনিৰ বিষয়ে আলোচনা কৰে আৰু ৰাইজক সহযোগিতা আগবঢ়াবলৈ আহ্বান জনায়। উল্লেখযোগ্য যে এই সন্দৰ্ভত জিলা প্ৰশাসনে প্ৰয়োজনীয় ব্যৱস্থা গ্ৰহণ কৰিছে বুলি জনা গৈছে। দিনটোৰ অনুষ্ঠানত উপস্থিত থকা বিশিষ্ট ব্যক্তিসকলে সমাজৰ উন্নয়নৰ বাবে সকলোৱে একত্ৰিত হৈ কাম কৰিব লাগিব বুলি মত প্ৰকাশ কৰে। অনুষ্ঠানটোত স্থানীয় ৰাইজৰ উপৰিও বিভিন্ন সংগঠনৰ সদস্যসকল উপস্থিত আছিল। সভাত বক্তাসকলে অঞ্চলটোৰ উন্নয়নৰ বাবে চৰকাৰে হাতত লোৱা বিভিন্ন আঁচনিৰ বিষয়ে আলোচনা কৰে আৰু ৰাইজক সহযোগিতা আগবঢ়াবলৈ আহ্বান জনায়। উল্লেখযোগ্য যে এই সন্দৰ্ভত জিলা প্ৰশাসনে প্ৰয়োজনীয় ব্যৱস্থা গ্ৰহণ কৰিছে বুলি জনা গৈছে। দিনটোৰ অনুষ্ঠানত উপস্থিত থকা বিশিষ্ট ব্যক্তিসকলে সমাজৰ উন্নয়নৰ বাবে সকলোৱে একত্ৰিত হৈ কাম কৰিব লাগিব বুলি মত প্ৰকাশ কৰে। অনুষ্ঠানটোত স্থানীয় ৰাইজৰ উপৰিও বিভিন্ন সংগঠনৰ সদস্যসকল উপস্থিত আছিল। সভাত বক্তাসকলে অঞ্চলটোৰ উন্নয়নৰ বাবে চৰকাৰে হাতত লোৱা বিভিন্ন আঁচনিৰ বিষয়ে আলোচনা কৰে আৰু ৰাইজক সহযোগিতা আগবঢ়াবলৈ আহ্বান জনায়। উল্লেখযোগ্য যে এই সন্দৰ্ভত জিলা প্ৰশাসনে প্ৰয়োজনীয় ব্যৱস্থা গ্ৰহণ কৰিছে বুলি জনা গৈছে। দিনটোৰ অনুষ্ঠানত উপস্থিত থকা বিশিষ্ট ব্যক্তিসকলে সমাজৰ উন্নয়নৰ বাবে সকলোৱে একত্ৰিত হৈ কাম কৰিব লাগিব বুলি মত প্ৰকাশ কৰে। অনুষ্ঠানটোত স্থানীয় ৰাইজৰ উপৰিও বিভিন্ন সংগঠনৰ সদস্যসকল উপস্থিত আছিল। সভাত বক্তাসকলে অঞ্চলটোৰ উন্নয়নৰ বাবে চৰকাৰে হাতত লোৱা বিভিন্ন আঁচনিৰ বিষয়ে আলোচনা কৰে আৰু ৰাইজক সহযোগিতা আগবঢ়াবলৈ আহ্বান জনায়। উল্লেখযোগ্য যে এই সন্দৰ্ভত জিলা প্ৰশাসনে প্ৰয়োজনীয় ব্যৱস্থা গ্ৰহণ কৰিছে বুলি জনা গৈছে। দিনটোৰ অনুষ্ঠানত উপস্থিত থকা বিশিষ্ট ব্যক্তিসকলে সমাজৰ উন্নয়নৰ বাবে সকলোৱে একত্ৰিত হৈ কাম কৰিব লাগিব বুলি মত প্ৰকাশ কৰে। অনুষ্ঠানটোত স্থানীয় ৰাইজৰ উপৰিও বিভিন্ন সংগঠনৰ সদস্যসকল উপস্থিত আছিল। সভাত বক্তাসকলে অঞ্চলটোৰ উন্নয়নৰ বাবে চৰকাৰে হাতত লোৱা বিভিন্ন আঁচনিৰ বিষয়ে আলোচনা কৰে আৰু ৰাইজক সহযোগিতা আগবঢ়াবলৈ আহ্বান জনায়। উল্লেখযোগ্য যে এই সন্দৰ্ভত জিলা প্ৰশাসনে প্ৰয়োজনীয় ব্যৱস্থা গ্ৰহণ কৰিছে বুলি জনা গৈছে।
এনডুৰ উদ্যোগত পদযাত্ৰা
কম আৰা, ডিফু, ১৪ জুলাই ঃ দিনটোৰ অনুষ্ঠানত উপস্থিত থকা বিশিষ্ট ব্যক্তিসকলে সমাজৰ উন্নয়নৰ বাবে সকলোৱে একত্ৰিত হৈ কাম কৰিব লাগিব বুলি মত প্ৰকাশ কৰে। অনুষ্ঠানটোত স্থানীয় ৰাইজৰ উপৰিও বিভিন্ন সংগঠনৰ সদস্যসকল উপস্থিত আছিল। সভাত বক্তাসকলে অঞ্চলটোৰ উন্নয়নৰ বাবে চৰকাৰে হাতত লোৱা বিভিন্ন আঁচনিৰ বিষয়ে আলোচনা কৰে আৰু ৰাইজক সহযোগিতা আগবঢ়াবলৈ আহ্বান জনায়। উল্লেখযোগ্য যে এই সন্দৰ্ভত জিলা প্ৰশাসনে প্ৰয়োজনীয় ব্যৱস্থা গ্ৰহণ কৰিছে বুলি জনা গৈছে।
চাৰবিৰ সৈতে নতুন উদ্বেগৰ গতি
তোলাৰ লক্ষ্য ঃ বিকাশ গোৰেকো
নিজা সংবাদ, গুৱাহাটী, ১৪ জুলাই ঃ দিনটোৰ অনুষ্ঠানত উপস্থিত থকা বিশিষ্ট ব্যক্তিসকলে সমাজৰ উন্নয়নৰ বাবে সকলোৱে একত্ৰিত হৈ কাম কৰিব লাগিব বুলি মত প্ৰকাশ কৰে। অনুষ্ঠানটোত স্থানীয় ৰাইজৰ উপৰিও বিভিন্ন সংগঠনৰ সদস্যসকল উপস্থিত আছিল। সভাত বক্তাসকলে অঞ্চলটোৰ উন্নয়নৰ বাবে চৰকাৰে হাতত লোৱা বিভিন্ন আঁচনিৰ বিষয়ে আলোচনা কৰে আৰু ৰাইজক সহযোগিতা আগবঢ়াবলৈ আহ্বান জনায়। উল্লেখযোগ্য যে এই সন্দৰ্ভত জিলা প্ৰশাসনে প্ৰয়োজনীয় ব্যৱস্থা গ্ৰহণ কৰিছে বুলি জনা গৈছে। দিনটোৰ অনুষ্ঠানত উপস্থিত থকা বিশিষ্ট ব্যক্তিসকলে সমাজৰ উন্নয়নৰ বাবে সকলোৱে একত্ৰিত হৈ কাম কৰিব লাগিব বুলি মত প্ৰকাশ কৰে। অনুষ্ঠানটোত স্থানীয় ৰাইজৰ উপৰিও বিভিন্ন সংগঠনৰ সদস্যসকল উপস্থিত আছিল। সভাত বক্তাসকলে অঞ্চলটোৰ উন্নয়নৰ বাবে চৰকাৰে হাতত লোৱা বিভিন্ন আঁচনিৰ বিষয়ে আলোচনা কৰে আৰু ৰাইজক সহযোগিতা আগবঢ়াবলৈ আহ্বান জনায়। উল্লেখযোগ্য যে এই সন্দৰ্ভত জিলা প্ৰশাসনে প্ৰয়োজনীয় ব্যৱস্থা গ্ৰহণ কৰিছে বুলি জনা গৈছে। দিনটোৰ অনুষ্ঠানত উপস্থিত থকা বিশিষ্ট ব্যক্তিসকলে সমাজৰ উন্নয়নৰ বাবে সকলোৱে একত্ৰিত হৈ কাম কৰিব লাগিব বুলি মত প্ৰকাশ কৰে। অনুষ্ঠানটোত স্থানীয় ৰাইজৰ উপৰিও বিভিন্ন সংগঠনৰ সদস্যসকল উপস্থিত আছিল। সভাত বক্তাসকলে অঞ্চলটোৰ উন্নয়নৰ বাবে চৰকাৰে হাতত লোৱা বিভিন্ন আঁচনিৰ বিষয়ে আলোচনা কৰে আৰু ৰাইজক সহযোগিতা আগবঢ়াবলৈ আহ্বান জনায়। উল্লেখযোগ্য যে এই সন্দৰ্ভত জিলা প্ৰশাসনে প্ৰয়োজনীয় ব্যৱস্থা গ্ৰহণ কৰিছে বুলি জনা গৈছে।
তিতাবৰত অসম চৰকাৰৰ গ্ৰীষ্মকালীন কৰ্মশালা আৰম্ভ
নিজা সংবাদ, তিতাবৰ, ১৪ জুলাই ঃ দিনটোৰ অনুষ্ঠানত উপস্থিত থকা বিশিষ্ট ব্যক্তিসকলে সমাজৰ উন্নয়নৰ বাবে সকলোৱে একত্ৰিত হৈ কাম কৰিব লাগিব বুলি মত প্ৰকাশ কৰে। অনুষ্ঠানটোত স্থানীয় ৰাইজৰ উপৰিও বিভিন্ন সংগঠনৰ সদস্যসকল উপস্থিত আছিল। সভাত বক্তাসকলে অঞ্চলটোৰ উন্নয়নৰ বাবে চৰকাৰে হাতত লোৱা বিভিন্ন আঁচনিৰ বিষয়ে আলোচনা কৰে আৰু ৰাইজক সহযোগিতা আগবঢ়াবলৈ আহ্বান জনায়। উল্লেখযোগ্য যে এই সন্দৰ্ভত জিলা প্ৰশাসনে প্ৰয়োজনীয় ব্যৱস্থা গ্ৰহণ কৰিছে বুলি জনা গৈছে। দিনটোৰ অনুষ্ঠানত উপস্থিত থকা বিশিষ্ট ব্যক্তিসকলে সমাজৰ উন্নয়নৰ বাবে সকলোৱে একত্ৰিত হৈ কাম কৰিব লাগিব বুলি মত প্ৰকাশ কৰে। অনুষ্ঠানটোত স্থানীয় ৰাইজৰ উপৰিও বিভিন্ন সংগঠনৰ সদস্যসকল উপস্থিত আছিল। সভাত বক্তাসকলে অঞ্চলটোৰ উন্নয়নৰ বাবে চৰকাৰে হাতত লোৱা বিভিন্ন আঁচনিৰ বিষয়ে আলোচনা কৰে আৰু ৰাইজক সহযোগিতা আগবঢ়াবলৈ আহ্বান জনায়। উল্লেখযোগ্য যে এই সন্দৰ্ভত জিলা প্ৰশাসনে প্ৰয়োজনীয় ব্যৱস্থা গ্ৰহণ কৰিছে বুলি জনা গৈছে। দিনটোৰ অনুষ্ঠানত উপস্থিত থকা বিশিষ্ট ব্যক্তিসকলে সমাজৰ উন্নয়নৰ বাবে সকলোৱে একত্ৰিত হৈ কাম কৰিব লাগিব বুলি মত প্ৰকাশ কৰে। অনুষ্ঠানটোত স্থানীয় ৰাইজৰ উপৰিও বিভিন্ন সংগঠনৰ সদস্যসকল উপস্থিত আছিল। সভাত বক্তাসকলে অঞ্চলটোৰ উন্নয়নৰ বাবে চৰকাৰে হাতত লোৱা বিভিন্ন আঁচনিৰ বিষয়ে আলোচনা কৰে আৰু ৰাইজক সহযোগিতা আগবঢ়াবলৈ আহ্বান জনায়। উল্লেখযোগ্য যে এই সন্দৰ্ভত জিলা প্ৰশাসনে প্ৰয়োজনীয় ব্যৱস্থা গ্ৰহণ কৰিছে বুলি জনা গৈছে। দিনটোৰ অনুষ্ঠানত উপস্থিত থকা বিশিষ্ট ব্যক্তিসকলে সমাজৰ উন্নয়নৰ বাবে সকলোৱে একত্ৰিত হৈ কাম কৰিব লাগিব বুলি মত প্ৰকাশ কৰে। অনুষ্ঠানটোত স্থানীয়
দিনটোৰ অনুষ্ঠানত উপস্থিত থকা বিশিষ্ট ব্যক্তিসকলে সমাজৰ উন্নয়নৰ বাবে সকলোৱে একত্ৰিত হৈ কাম কৰিব লাগিব বুলি মত প্ৰকাশ কৰে। অনুষ্ঠানটোত স্থানীয় ৰাইজৰ উপৰিও বিভিন্ন সংগঠনৰ সদস্যসকল উপস্থিত আছিল। সভাত বক্তাসকলে অঞ্চলটোৰ উন্নয়নৰ বাবে চৰকাৰে হাতত লোৱা বিভিন্ন আঁচনিৰ বিষয়ে আলোচনা কৰে আৰু ৰাইজক সহযোগিতা আগবঢ়াবলৈ আহ্বান জনায়। উল্লেখযোগ্য যে এই সন্দৰ্ভত জিলা প্ৰশাসনে প্ৰয়োজনীয় ব্যৱস্থা গ্ৰহণ কৰিছে বুলি জনা গৈছে। দিনটোৰ অনুষ্ঠানত উপস্থিত থকা বিশিষ্ট ব্যক্তিসকলে সমাজৰ উন্নয়নৰ বাবে সকলোৱে একত্ৰিত হৈ কাম কৰিব লাগিব বুলি মত প্ৰকাশ কৰে। অনুষ্ঠানটোত স্থানীয় ৰাইজৰ উপৰিও বিভিন্ন সংগঠনৰ সদস্যসকল উপস্থিত আছিল। সভাত বক্তাসকলে অঞ্চলটোৰ উন্নয়নৰ বাবে চৰকাৰে হাতত লোৱা বিভিন্ন আঁচনিৰ বিষয়ে আলোচনা কৰে আৰু ৰাইজক সহযোগিতা আগবঢ়াবলৈ আহ্বান জনায়। উল্লেখযোগ্য যে এই সন্দৰ্ভত জিলা প্ৰশাসনে প্ৰয়োজনীয় ব্যৱস্থা গ্ৰহণ কৰিছে বুলি জনা গৈছে। দিনটোৰ অনুষ্ঠানত উপস্থিত থকা বিশিষ্ট ব্যক্তিসকলে সমাজৰ উন্নয়নৰ বাবে সকলোৱে একত্ৰিত হৈ কাম কৰিব লাগিব বুলি মত প্ৰকাশ কৰে। অনুষ্ঠানটোত স্থানীয় ৰাইজৰ উপৰিও বিভিন্ন সংগঠনৰ সদস্যসকল উপস্থিত আছিল। সভাত বক্তাসকলে অঞ্চলটোৰ উন্নয়নৰ বাবে চৰকাৰে হাতত লোৱা বিভিন্ন আঁচনিৰ বিষয়ে আলোচনা কৰে আৰু ৰাইজক সহযোগিতা আগবঢ়াবলৈ আহ্বান জনায়। উল্লেখযোগ্য যে এই সন্দৰ্ভত জিলা প্ৰশাসনে প্ৰয়োজনীয় ব্যৱস্থা গ্ৰহণ কৰিছে বুলি জনা গৈছে। দিনটোৰ অনুষ্ঠানত উপস্থিত থকা বিশিষ্ট ব্যক্তিসকলে সমাজৰ উন্নয়নৰ বাবে সকলোৱে একত্ৰিত হৈ কাম কৰিব লাগিব বুলি মত প্ৰকাশ কৰে। অনুষ্ঠানটোত স্থানীয় ৰাইজৰ উপৰিও বিভিন্ন সংগঠনৰ
গ্ৰীষ্মকালীন কৰ্মশালা
তিতাবৰত গ্ৰীষ্মকালীন কৰ্মশালা
দিনটোৰ অনুষ্ঠানত উপস্থিত থকা বিশিষ্ট ব্যক্তিসকলে সমাজৰ উন্নয়নৰ বাবে সকলোৱে একত্ৰিত হৈ কাম কৰিব লাগিব বুলি মত প্ৰকাশ কৰে। অনুষ্ঠানটোত স্থানীয় ৰাইজৰ উপৰিও বিভিন্ন সংগঠনৰ সদস্যসকল উপস্থিত আছিল। সভাত বক্তাসকলে অঞ্চলটোৰ উন্নয়নৰ বাবে চৰকাৰে হাতত লোৱা বিভিন্ন আঁচনিৰ বিষয়ে আলোচনা কৰে আৰু ৰাইজক সহযোগিতা আগবঢ়াবলৈ আহ্বান জনায়। উল্লেখযোগ্য যে এই সন্দৰ্ভত জিলা প্ৰশাসনে প্ৰয়োজনীয় ব্যৱস্থা গ্ৰহণ কৰিছে বুলি জনা গৈছে। দিনটোৰ অনুষ্ঠানত উপস্থিত থকা বিশিষ্ট ব্যক্তিসকলে সমাজৰ উন্নয়নৰ বাবে সকলোৱে একত্ৰিত হৈ কাম কৰিব লাগিব বুলি মত প্ৰকাশ কৰে। অনুষ্ঠানটোত স্থানীয় ৰাইজৰ উপৰিও বিভিন্ন সংগঠনৰ সদস্যসকল উপস্থিত আছিল। সভাত বক্তাসকলে অঞ্চলটোৰ উন্নয়নৰ বাবে চৰকাৰে হাতত লোৱা বিভিন্ন আঁচনিৰ বিষয়ে আলোচনা কৰে আৰু ৰাইজক সহযোগিতা আগবঢ়াবলৈ আহ্বান জনায়। উল্লেখযোগ্য যে এই সন্দৰ্ভত জিলা প্ৰশাসনে প্ৰয়োজনীয় ব্যৱস্থা গ্ৰহণ কৰিছে বুলি জনা গৈছে।
দিনটোৰ অনুষ্ঠানত উপস্থিত থকা বিশিষ্ট ব্যক্তিসকলে সমাজৰ উন্নয়নৰ বাবে সকলোৱে একত্ৰিত হৈ কাম কৰিব লাগিব বুলি মত প্ৰকাশ কৰে। অনুষ্ঠানটোত স্থানীয় ৰাইজৰ উপৰিও বিভিন্ন সংগঠনৰ সদস্যসকল উপস্থিত আছিল। সভাত বক্তাসকলে অঞ্চলটোৰ উন্নয়নৰ বাবে চৰকাৰে হাতত লোৱা বিভিন্ন আঁচনিৰ বিষয়ে আলোচনা কৰে আৰু ৰাইজক সহযোগিতা আগবঢ়াবলৈ আহ্বান জনায়। উল্লেখযোগ্য যে এই সন্দৰ্ভত জিলা প্ৰশাসনে প্ৰয়োজনীয় ব্যৱস্থা গ্ৰহণ কৰিছে বুলি জনা গৈছে। দিনটোৰ অনুষ্ঠানত উপস্থিত থকা বিশিষ্ট ব্যক্তিসকলে সমাজৰ উন্নয়নৰ বাবে সকলোৱে একত্ৰিত হৈ কাম কৰিব লাগিব বুলি মত প্ৰকাশ কৰে। অনুষ্ঠানটোত স্থানীয় ৰাইজৰ উপৰিও বিভিন্ন সংগঠনৰ সদস্যসকল উপস্থিত আছিল। সভাত বক্তাসকলে অঞ্চলটোৰ উন্নয়নৰ বাবে চৰকাৰে হাতত লোৱা বিভিন্ন আঁচনিৰ বিষয়ে আলোচনা কৰে আৰু ৰাইজক সহযোগিতা আগবঢ়াবলৈ আহ্বান জনায়। উল্লেখযোগ্য যে এই সন্দৰ্ভত জিলা প্ৰশাসনে প্ৰয়োজনীয় ব্যৱস্থা গ্ৰহণ কৰিছে বুলি জনা গৈছে।
